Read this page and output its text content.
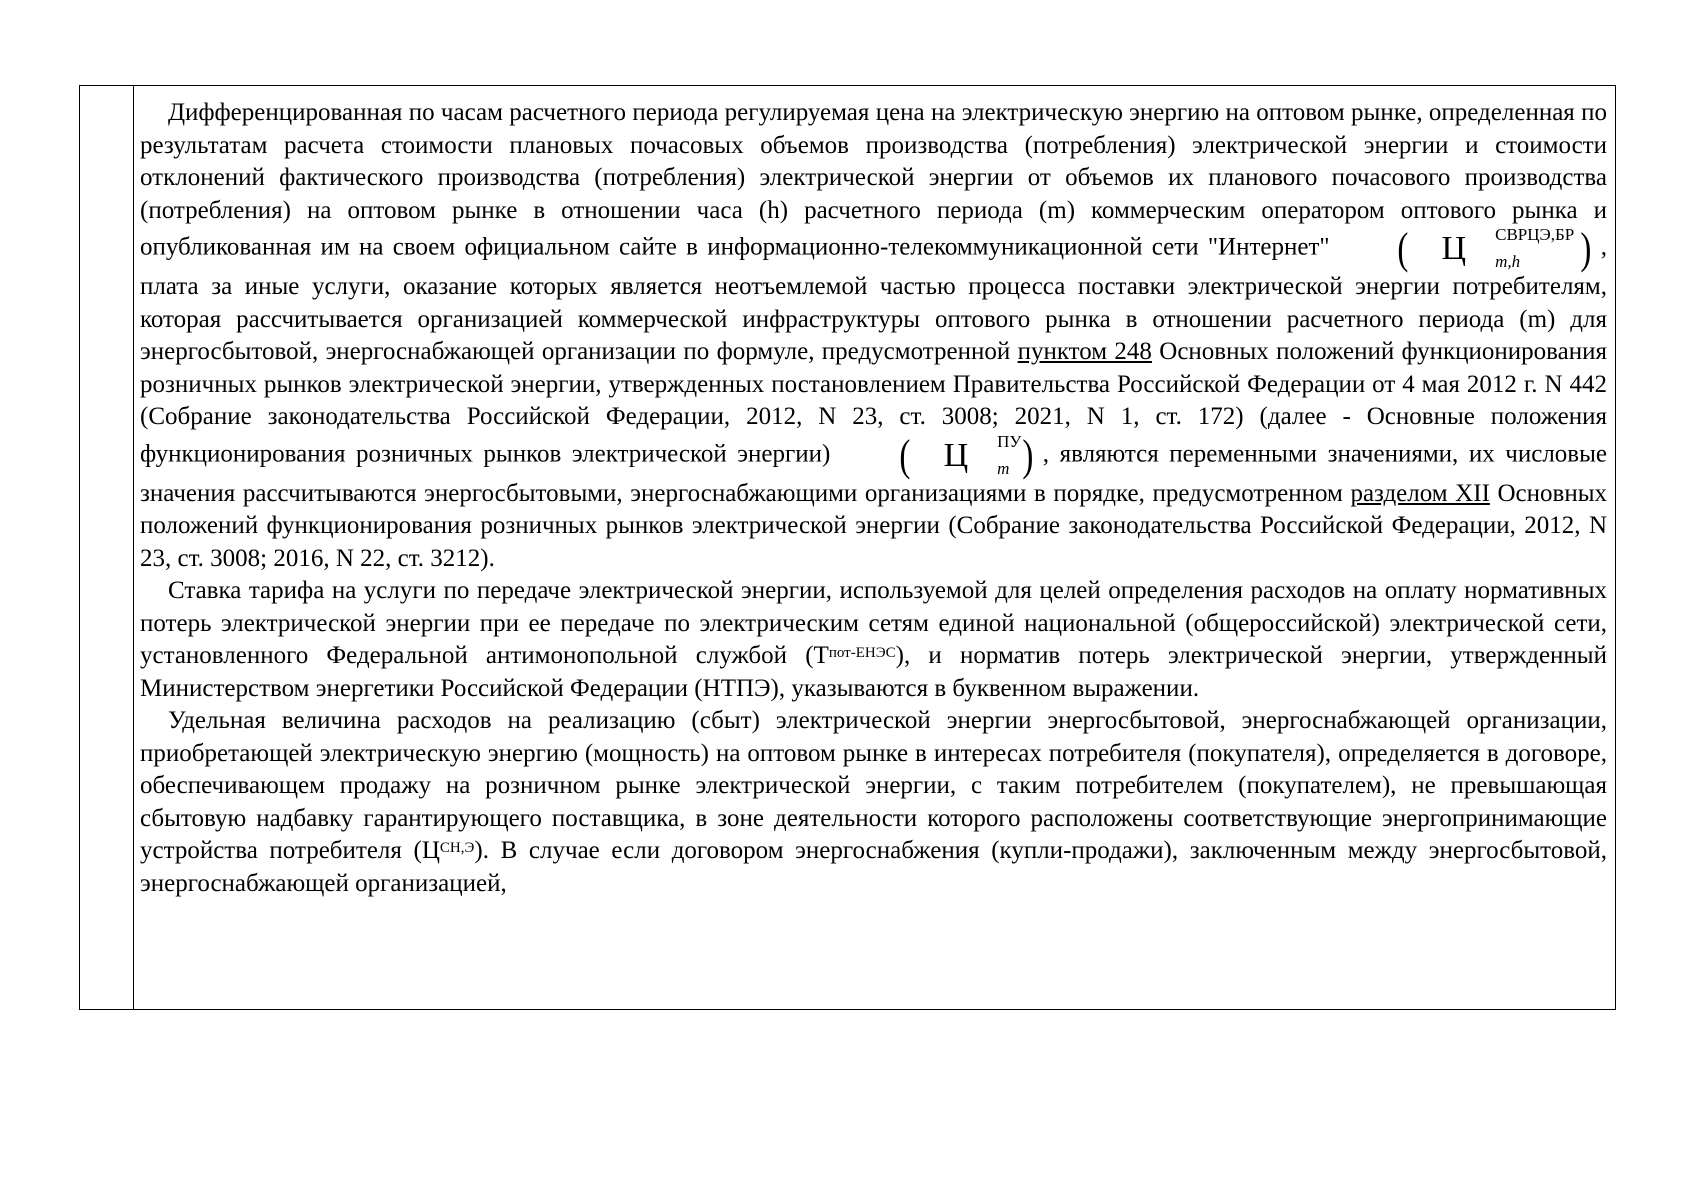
Дифференцированная по часам расчетного периода регулируемая цена на электрическую энергию на оптовом рынке, определенная по результатам расчета стоимости плановых почасовых объемов производства (потребления) электрической энергии и стоимости отклонений фактического производства (потребления) электрической энергии от объемов их планового почасового производства (потребления) на оптовом рынке в отношении часа (h) расчетного периода (m) коммерческим оператором оптового рынка и опубликованная им на своем официальном сайте в информационно-телекоммуникационной сети "Интернет" ( Ц	СВРЦЭ,БР
m,h ) , плата за иные услуги, оказание которых является неотъемлемой частью процесса поставки электрической энергии потребителям, которая рассчитывается организацией коммерческой инфраструктуры оптового рынка в отношении расчетного периода (m) для энергосбытовой, энергоснабжающей организации по формуле, предусмотренной пунктом 248 Основных положений функционирования розничных рынков электрической энергии, утвержденных постановлением Правительства Российской Федерации от 4 мая 2012 г. N 442 (Собрание законодательства Российской Федерации, 2012, N 23, ст. 3008; 2021, N 1, ст. 172) (далее - Основные положения функционирования розничных рынков электрической энергии) ( Ц	ПУ
m ) , являются переменными значениями, их числовые значения рассчитываются энергосбытовыми, энергоснабжающими организациями в порядке, предусмотренном разделом XII Основных положений функционирования розничных рынков электрической энергии (Собрание законодательства Российской Федерации, 2012, N 23, ст. 3008; 2016, N 22, ст. 3212).

Ставка тарифа на услуги по передаче электрической энергии, используемой для целей определения расходов на оплату нормативных потерь электрической энергии при ее передаче по электрическим сетям единой национальной (общероссийской) электрической сети, установленного Федеральной антимонопольной службой $(Т^{пот-ЕНЭС})$, и норматив потерь электрической энергии, утвержденный Министерством энергетики Российской Федерации (НТПЭ), указываются в буквенном выражении.

Удельная величина расходов на реализацию (сбыт) электрической энергии энергосбытовой, энергоснабжающей организации, приобретающей электрическую энергию (мощность) на оптовом рынке в интересах потребителя (покупателя), определяется в договоре, обеспечивающем продажу на розничном рынке электрической энергии, с таким потребителем (покупателем), не превышающая сбытовую надбавку гарантирующего поставщика, в зоне деятельности которого расположены соответствующие энергопринимающие устройства потребителя $(Ц^{СН,Э})$. В случае если договором энергоснабжения (купли-продажи), заключенным между энергосбытовой, энергоснабжающей организацией,
